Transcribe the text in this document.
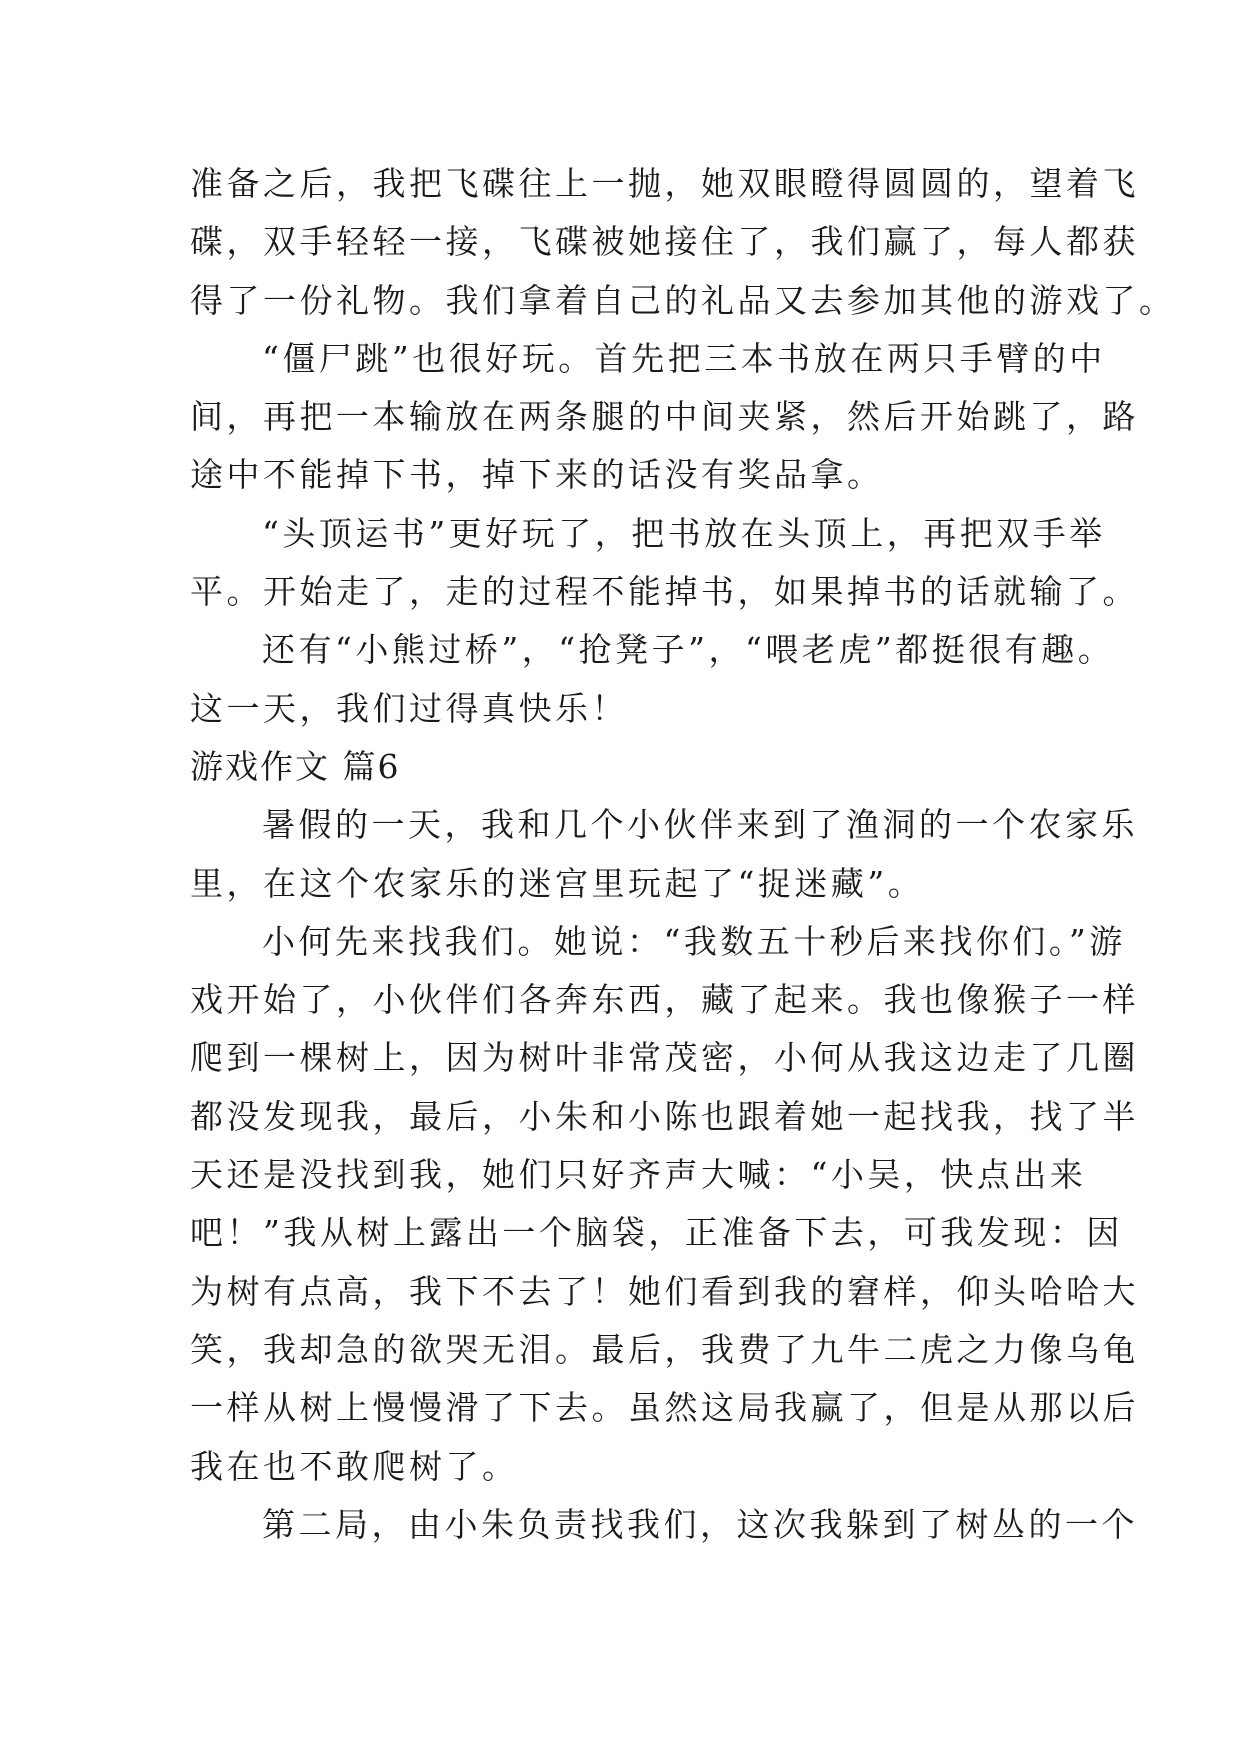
准备之后，我把飞碟往上一抛，她双眼瞪得圆圆的，望着飞
碟，双手轻轻一接，飞碟被她接住了，我们赢了，每人都获
得了一份礼物。我们拿着自己的礼品又去参加其他的游戏了。
“僵尸跳”也很好玩。首先把三本书放在两只手臂的中
间，再把一本输放在两条腿的中间夹紧，然后开始跳了，路
途中不能掉下书，掉下来的话没有奖品拿。
“头顶运书”更好玩了，把书放在头顶上，再把双手举
平。开始走了，走的过程不能掉书，如果掉书的话就输了。
还有“小熊过桥”，“抢凳子”，“喂老虎”都挺很有趣。
这一天，我们过得真快乐！
游戏作文 篇6
暑假的一天，我和几个小伙伴来到了渔洞的一个农家乐
里，在这个农家乐的迷宫里玩起了“捉迷藏”。
小何先来找我们。她说：“我数五十秒后来找你们。”游
戏开始了，小伙伴们各奔东西，藏了起来。我也像猴子一样
爬到一棵树上，因为树叶非常茂密，小何从我这边走了几圈
都没发现我，最后，小朱和小陈也跟着她一起找我，找了半
天还是没找到我，她们只好齐声大喊：“小吴，快点出来
吧！”我从树上露出一个脑袋，正准备下去，可我发现：因
为树有点高，我下不去了！她们看到我的窘样，仰头哈哈大
笑，我却急的欲哭无泪。最后，我费了九牛二虎之力像乌龟
一样从树上慢慢滑了下去。虽然这局我赢了，但是从那以后
我在也不敢爬树了。
第二局，由小朱负责找我们，这次我躲到了树丛的一个
